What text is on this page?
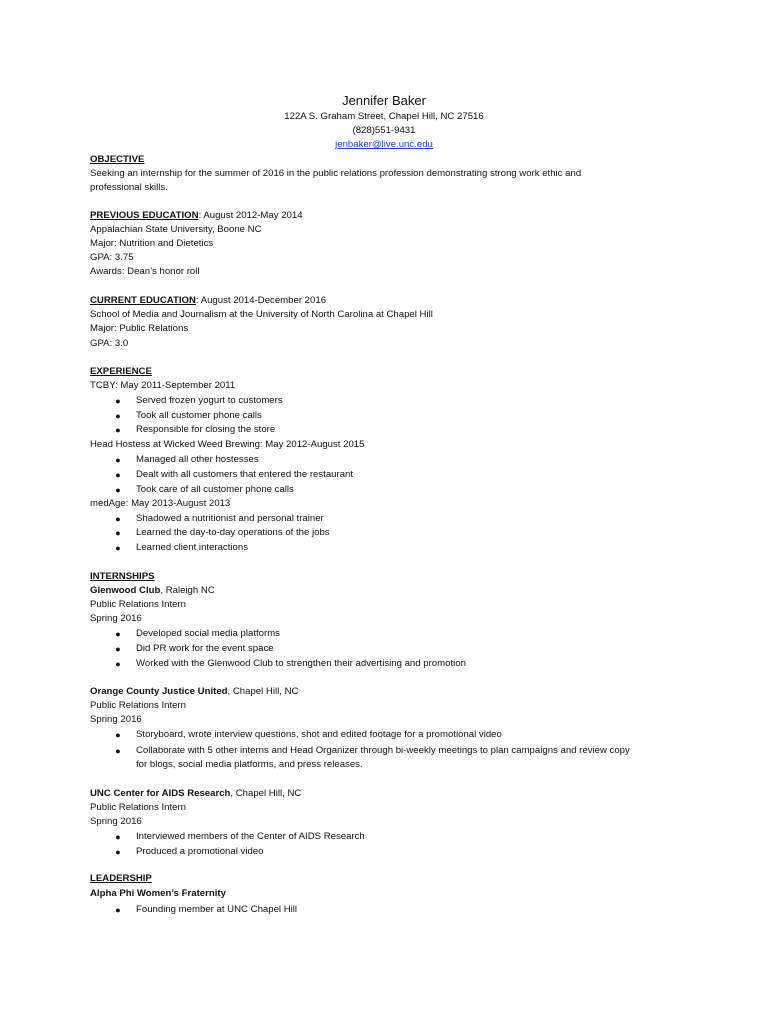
Jennifer Baker
122A S. Graham Street, Chapel Hill, NC 27516
(828)551-9431
jenbaker@live.unc.edu
OBJECTIVE
Seeking an internship for the summer of 2016 in the public relations profession demonstrating strong work ethic and
professional skills.
PREVIOUS EDUCATION: August 2012-May 2014
Appalachian State University, Boone NC
Major: Nutrition and Dietetics
GPA: 3.75
Awards: Dean’s honor roll
CURRENT EDUCATION: August 2014-December 2016
School of Media and Journalism at the University of North Carolina at Chapel Hill
Major: Public Relations
GPA: 3.0
EXPERIENCE
TCBY: May 2011-September 2011
● Served frozen yogurt to customers
● Took all customer phone calls
● Responsible for closing the store
Head Hostess at Wicked Weed Brewing: May 2012-August 2015
● Managed all other hostesses
● Dealt with all customers that entered the restaurant
● Took care of all customer phone calls
medAge: May 2013-August 2013
● Shadowed a nutritionist and personal trainer
● Learned the day-to-day operations of the jobs
● Learned client interactions
INTERNSHIPS
Glenwood Club, Raleigh NC
Public Relations Intern
Spring 2016
● Developed social media platforms
● Did PR work for the event space
● Worked with the Glenwood Club to strengthen their advertising and promotion
Orange County Justice United, Chapel Hill, NC
Public Relations Intern
Spring 2016
● Storyboard, wrote interview questions, shot and edited footage for a promotional video
● Collaborate with 5 other interns and Head Organizer through bi-weekly meetings to plan campaigns and review copy
for blogs, social media platforms, and press releases.
UNC Center for AIDS Research, Chapel Hill, NC
Public Relations Intern
Spring 2016
● Interviewed members of the Center of AIDS Research
● Produced a promotional video
LEADERSHIP
Alpha Phi Women’s Fraternity
● Founding member at UNC Chapel Hill
